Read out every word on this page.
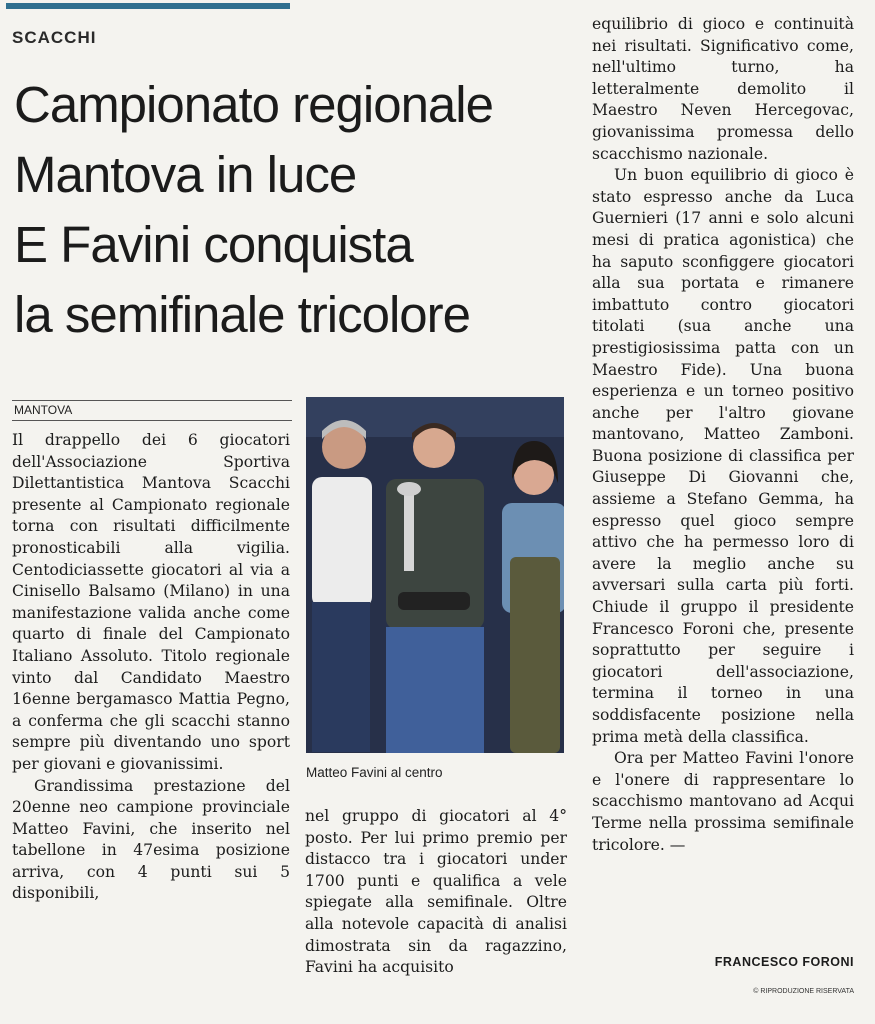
SCACCHI
Campionato regionale
Mantova in luce
E Favini conquista
la semifinale tricolore
MANTOVA

Il drappello dei 6 giocatori dell'Associazione Sportiva Dilettantistica Mantova Scacchi presente al Campionato regionale torna con risultati difficilmente pronosticabili alla vigilia. Centodiciassette giocatori al via a Cinisello Balsamo (Milano) in una manifestazione valida anche come quarto di finale del Campionato Italiano Assoluto. Titolo regionale vinto dal Candidato Maestro 16enne bergamasco Mattia Pegno, a conferma che gli scacchi stanno sempre più diventando uno sport per giovani e giovanissimi.

Grandissima prestazione del 20enne neo campione provinciale Matteo Favini, che inserito nel tabellone in 47esima posizione arriva, con 4 punti sui 5 disponibili,

Matteo Favini al centro

nel gruppo di giocatori al 4° posto. Per lui primo premio per distacco tra i giocatori under 1700 punti e qualifica a vele spiegate alla semifinale. Oltre alla notevole capacità di analisi dimostrata sin da ragazzino, Favini ha acquisito

equilibrio di gioco e continuità nei risultati. Significativo come, nell'ultimo turno, ha letteralmente demolito il Maestro Neven Hercegovac, giovanissima promessa dello scacchismo nazionale.

Un buon equilibrio di gioco è stato espresso anche da Luca Guernieri (17 anni e solo alcuni mesi di pratica agonistica) che ha saputo sconfiggere giocatori alla sua portata e rimanere imbattuto contro giocatori titolati (sua anche una prestigiosissima patta con un Maestro Fide). Una buona esperienza e un torneo positivo anche per l'altro giovane mantovano, Matteo Zamboni. Buona posizione di classifica per Giuseppe Di Giovanni che, assieme a Stefano Gemma, ha espresso quel gioco sempre attivo che ha permesso loro di avere la meglio anche su avversari sulla carta più forti. Chiude il gruppo il presidente Francesco Foroni che, presente soprattutto per seguire i giocatori dell'associazione, termina il torneo in una soddisfacente posizione nella prima metà della classifica.

Ora per Matteo Favini l'onore e l'onere di rappresentare lo scacchismo mantovano ad Acqui Terme nella prossima semifinale tricolore. —

FRANCESCO FORONI
© RIPRODUZIONE RISERVATA
